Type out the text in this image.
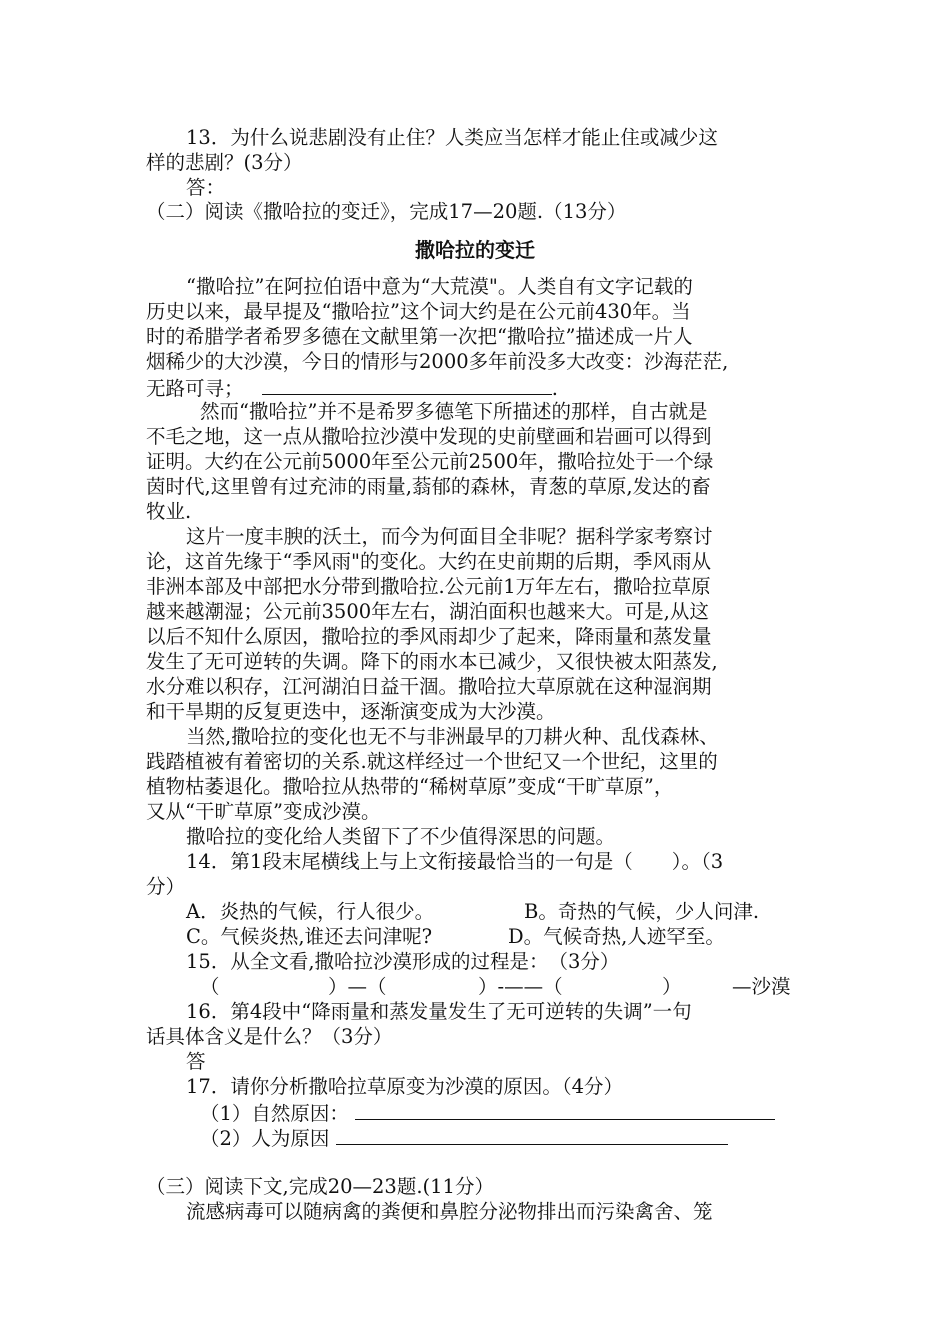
13．为什么说悲剧没有止住？人类应当怎样才能止住或减少这
样的悲剧？(3分）
答：
（二）阅读《撒哈拉的变迁》，完成17—20题.（13分）
撒哈拉的变迁
“撒哈拉”在阿拉伯语中意为“大荒漠"。人类自有文字记载的
历史以来，最早提及“撒哈拉”这个词大约是在公元前430年。当
时的希腊学者希罗多德在文献里第一次把“撒哈拉”描述成一片人
烟稀少的大沙漠，今日的情形与2000多年前没多大改变：沙海茫茫,
无路可寻；	.
然而“撒哈拉”并不是希罗多德笔下所描述的那样，自古就是
不毛之地，这一点从撒哈拉沙漠中发现的史前壁画和岩画可以得到
证明。大约在公元前5000年至公元前2500年，撒哈拉处于一个绿
茵时代,这里曾有过充沛的雨量,蓊郁的森林，青葱的草原,发达的畜
牧业.
这片一度丰腴的沃土，而今为何面目全非呢？据科学家考察讨
论，这首先缘于“季风雨"的变化。大约在史前期的后期，季风雨从
非洲本部及中部把水分带到撒哈拉.公元前1万年左右，撒哈拉草原
越来越潮湿；公元前3500年左右，湖泊面积也越来大。可是,从这
以后不知什么原因，撒哈拉的季风雨却少了起来，降雨量和蒸发量
发生了无可逆转的失调。降下的雨水本已减少，又很快被太阳蒸发,
水分难以积存，江河湖泊日益干涸。撒哈拉大草原就在这种湿润期
和干旱期的反复更迭中，逐渐演变成为大沙漠。
当然,撒哈拉的变化也无不与非洲最早的刀耕火种、乱伐森林、
践踏植被有着密切的关系.就这样经过一个世纪又一个世纪，这里的
植物枯萎退化。撒哈拉从热带的“稀树草原”变成“干旷草原”，
又从“干旷草原”变成沙漠。
撒哈拉的变化给人类留下了不少值得深思的问题。
14．第1段末尾横线上与上文衔接最恰当的一句是（　　）。（3
分）
A．炎热的气候，行人很少。	B。奇热的气候，少人问津.
C。气候炎热,谁还去问津呢?	D。气候奇热,人迹罕至。
15．从全文看,撒哈拉沙漠形成的过程是：　（3分）
（	）—（	）-——（	）	—沙漠
16．第4段中“降雨量和蒸发量发生了无可逆转的失调”一句
话具体含义是什么？（3分）
答
17．请你分析撒哈拉草原变为沙漠的原因。（4分）
（1）自然原因：
（2）人为原因
（三）阅读下文,完成20—23题.(11分）
流感病毒可以随病禽的粪便和鼻腔分泌物排出而污染禽舍、笼
